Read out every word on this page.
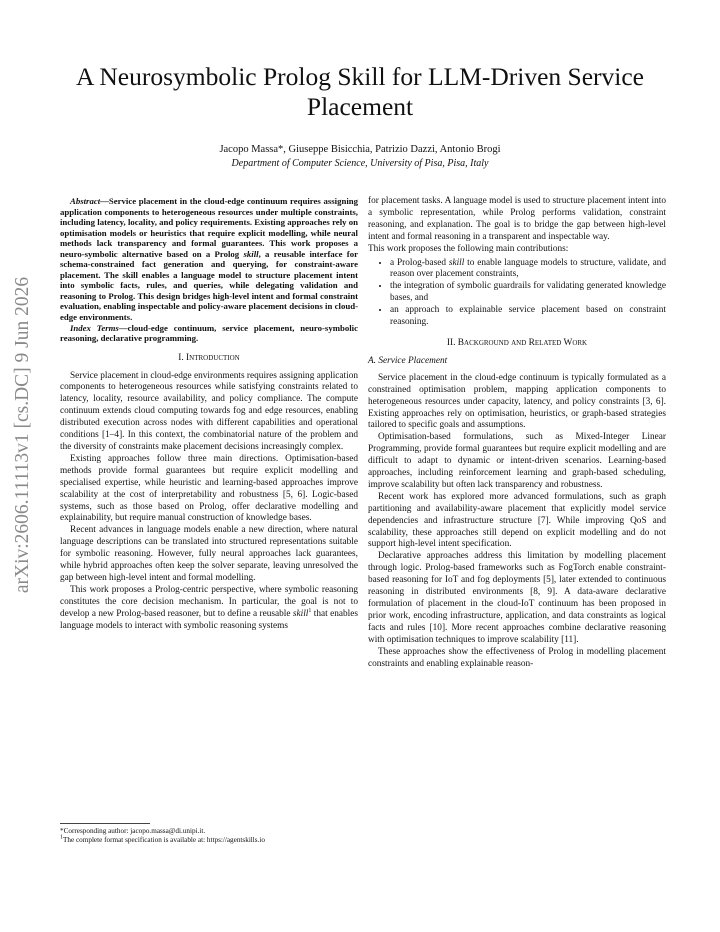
arXiv:2606.11113v1 [cs.DC] 9 Jun 2026
A Neurosymbolic Prolog Skill for LLM-Driven Service Placement
Jacopo Massa*, Giuseppe Bisicchia, Patrizio Dazzi, Antonio Brogi
Department of Computer Science, University of Pisa, Pisa, Italy

Abstract—Service placement in the cloud-edge continuum requires assigning application components to heterogeneous resources under multiple constraints, including latency, locality, and policy requirements. Existing approaches rely on optimisation models or heuristics that require explicit modelling, while neural methods lack transparency and formal guarantees. This work proposes a neuro-symbolic alternative based on a Prolog skill, a reusable interface for schema-constrained fact generation and querying, for constraint-aware placement. The skill enables a language model to structure placement intent into symbolic facts, rules, and queries, while delegating validation and reasoning to Prolog. This design bridges high-level intent and formal constraint evaluation, enabling inspectable and policy-aware placement decisions in cloud-edge environments.

Index Terms—cloud-edge continuum, service placement, neuro-symbolic reasoning, declarative programming.

I. Introduction

Service placement in cloud-edge environments requires assigning application components to heterogeneous resources while satisfying constraints related to latency, locality, resource availability, and policy compliance. The compute continuum extends cloud computing towards fog and edge resources, enabling distributed execution across nodes with different capabilities and operational conditions [1–4]. In this context, the combinatorial nature of the problem and the diversity of constraints make placement decisions increasingly complex.

Existing approaches follow three main directions. Optimisation-based methods provide formal guarantees but require explicit modelling and specialised expertise, while heuristic and learning-based approaches improve scalability at the cost of interpretability and robustness [5, 6]. Logic-based systems, such as those based on Prolog, offer declarative modelling and explainability, but require manual construction of knowledge bases.

Recent advances in language models enable a new direction, where natural language descriptions can be translated into structured representations suitable for symbolic reasoning. However, fully neural approaches lack guarantees, while hybrid approaches often keep the solver separate, leaving unresolved the gap between high-level intent and formal modelling.

This work proposes a Prolog-centric perspective, where symbolic reasoning constitutes the core decision mechanism. In particular, the goal is not to develop a new Prolog-based reasoner, but to define a reusable skill$^1$ that enables language models to interact with symbolic reasoning systems

for placement tasks. A language model is used to structure placement intent into a symbolic representation, while Prolog performs validation, constraint reasoning, and explanation. The goal is to bridge the gap between high-level intent and formal reasoning in a transparent and inspectable way.

This work proposes the following main contributions:

• a Prolog-based skill to enable language models to structure, validate, and reason over placement constraints,
• the integration of symbolic guardrails for validating generated knowledge bases, and
• an approach to explainable service placement based on constraint reasoning.
II. Background and Related Work
A. Service Placement

Service placement in the cloud-edge continuum is typically formulated as a constrained optimisation problem, mapping application components to heterogeneous resources under capacity, latency, and policy constraints [3, 6]. Existing approaches rely on optimisation, heuristics, or graph-based strategies tailored to specific goals and assumptions.

Optimisation-based formulations, such as Mixed-Integer Linear Programming, provide formal guarantees but require explicit modelling and are difficult to adapt to dynamic or intent-driven scenarios. Learning-based approaches, including reinforcement learning and graph-based scheduling, improve scalability but often lack transparency and robustness.

Recent work has explored more advanced formulations, such as graph partitioning and availability-aware placement that explicitly model service dependencies and infrastructure structure [7]. While improving QoS and scalability, these approaches still depend on explicit modelling and do not support high-level intent specification.

Declarative approaches address this limitation by modelling placement through logic. Prolog-based frameworks such as FogTorch enable constraint-based reasoning for IoT and fog deployments [5], later extended to continuous reasoning in distributed environments [8, 9]. A data-aware declarative formulation of placement in the cloud-IoT continuum has been proposed in prior work, encoding infrastructure, application, and data constraints as logical facts and rules [10]. More recent approaches combine declarative reasoning with optimisation techniques to improve scalability [11].

These approaches show the effectiveness of Prolog in modelling placement constraints and enabling explainable reason-

*Corresponding author: jacopo.massa@di.unipi.it.
$^1$The complete format specification is available at: https://agentskills.io
